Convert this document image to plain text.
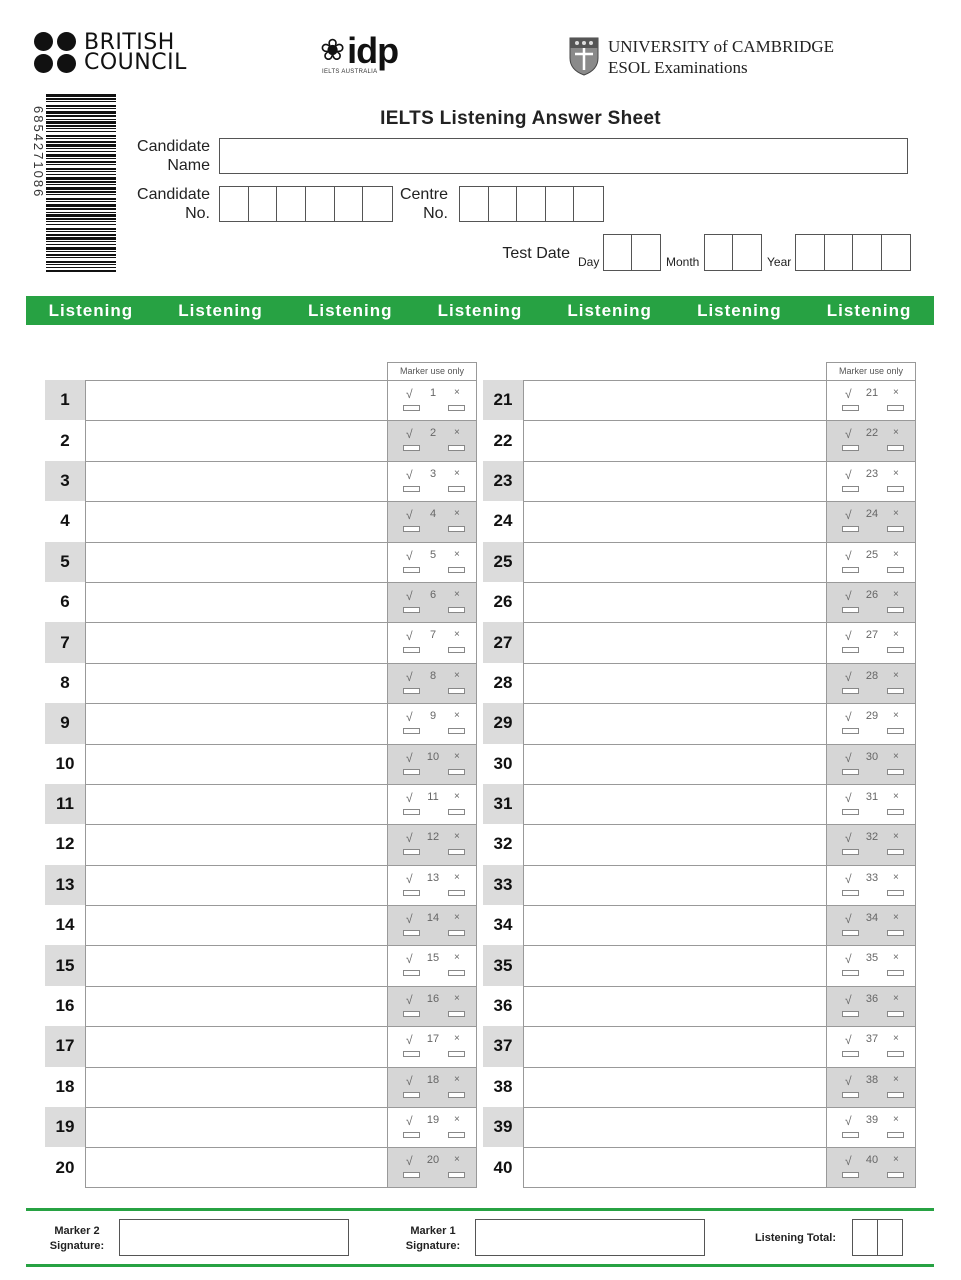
BRITISH
COUNCIL	❀ idp
IELTS AUSTRALIA
UNIVERSITY of CAMBRIDGE
ESOL Examinations
6854271086	IELTS Listening Answer Sheet
Candidate
Name
Candidate
No.
Centre
No.
Test Date Day	Month	Year
Listening	Listening	Listening	Listening	Listening	Listening	Listening
Marker use only	Marker use only
1	√	1	×
2	√	2	×
3	√	3	×
4	√	4	×
5	√	5	×
6	√	6	×
7	√	7	×
8	√	8	×
9	√	9	×
10	√	10	×
11	√	11	×
12	√	12	×
13	√	13	×
14	√	14	×
15	√	15	×
16	√	16	×
17	√	17	×
18	√	18	×
19	√	19	×
20	√	20	×
21	√	21	×
22	√	22	×
23	√	23	×
24	√	24	×
25	√	25	×
26	√	26	×
27	√	27	×
28	√	28	×
29	√	29	×
30	√	30	×
31	√	31	×
32	√	32	×
33	√	33	×
34	√	34	×
35	√	35	×
36	√	36	×
37	√	37	×
38	√	38	×
39	√	39	×
40	√	40	×
Marker 2
Signature:
Marker 1
Signature:
Listening Total:
